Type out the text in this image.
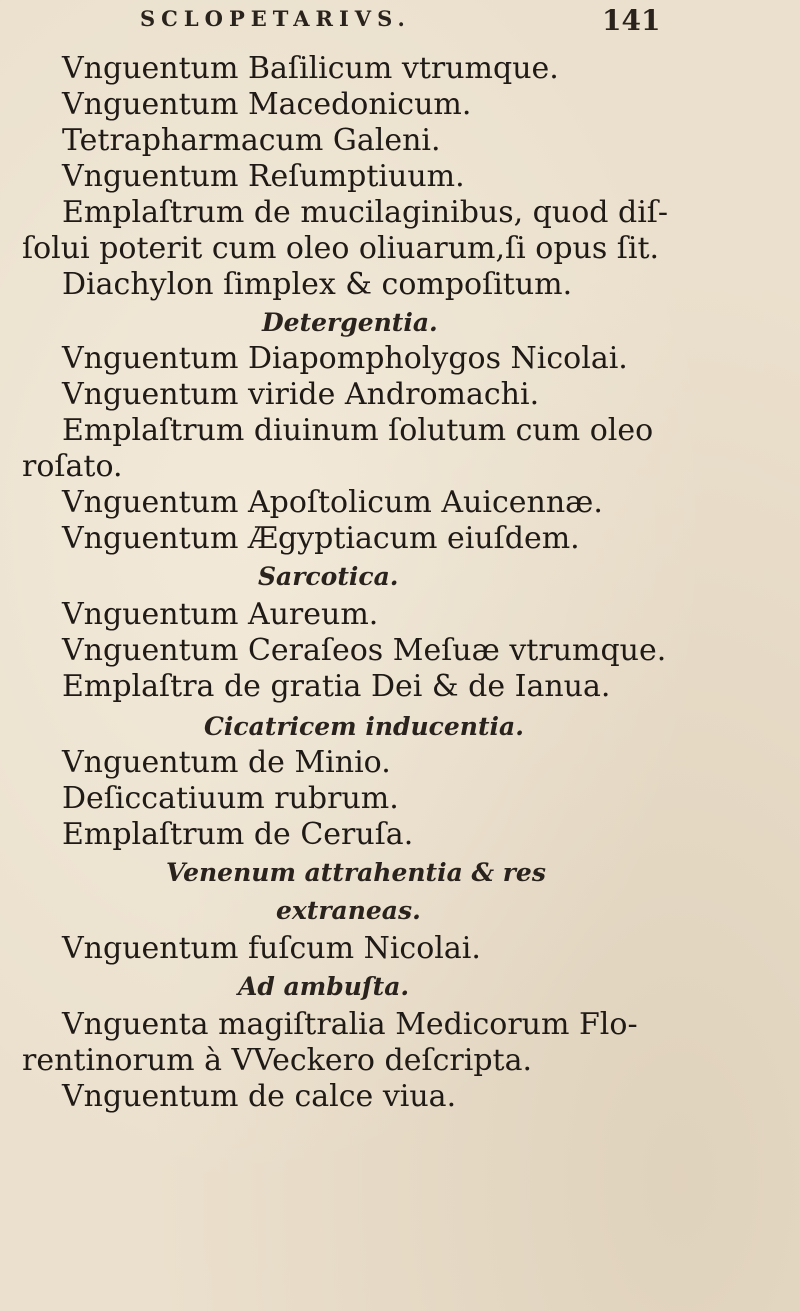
SCLOPETARIVS.	141
Vnguentum Baſilicum vtrumque.
Vnguentum Macedonicum.
Tetrapharmacum Galeni.
Vnguentum Reſumptiuum.
Emplaſtrum de mucilaginibus, quod diſ-
ſolui poterit cum oleo oliuarum,ſi opus ſit.
Diachylon ſimplex & compoſitum.
Detergentia.
Vnguentum Diapompholygos Nicolai.
Vnguentum viride Andromachi.
Emplaſtrum diuinum ſolutum cum oleo
roſato.
Vnguentum Apoſtolicum Auicennæ.
Vnguentum Ægyptiacum eiuſdem.
Sarcotica.
Vnguentum Aureum.
Vnguentum Ceraſeos Meſuæ vtrumque.
Emplaſtra de gratia Dei & de Ianua.
Cicatricem inducentia.
Vnguentum de Minio.
Deſiccatiuum rubrum.
Emplaſtrum de Ceruſa.
Venenum attrahentia & res
extraneas.
Vnguentum fuſcum Nicolai.
Ad ambuſta.
Vnguenta magiſtralia Medicorum Flo-
rentinorum à VVeckero deſcripta.
Vnguentum de calce viua.
